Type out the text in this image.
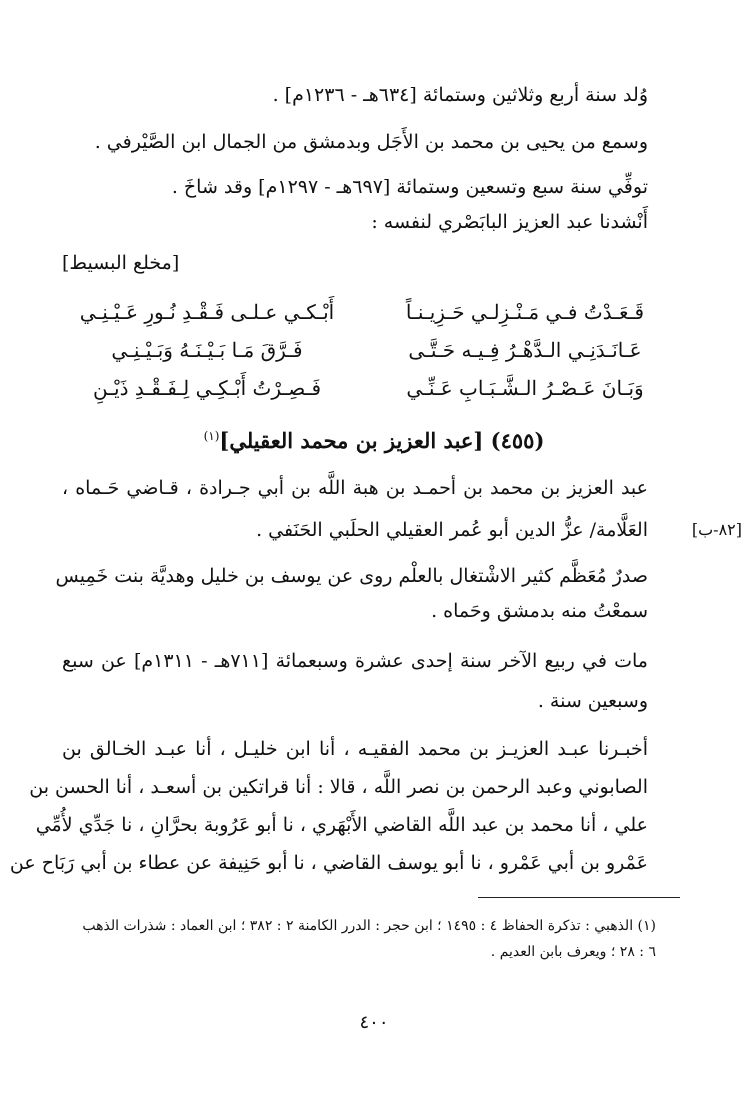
وُلد سنة أربع وثلاثين وستمائة [٦٣٤هـ - ١٢٣٦م] .
وسمع من يحيى بن محمد بن الأَجَل وبدمشق من الجمال ابن الصَّيْرفي .
توفِّي سنة سبع وتسعين وستمائة [٦٩٧هـ - ١٢٩٧م] وقد شاخَ .
أَنْشدنا عبد العزيز البابَصْري لنفسه :
[مخلع البسيط]
قَـعَـدْتُ فـي مَـنْـزِلـي حَـزِيـنـاً
أَبْـكـي عـلـى فَـقْـدِ نُـورِ عَـيْـنِـي
عَـانَـدَنِـي الـدَّهْـرُ فِـيـه حَـتَّـى
فَـرَّقَ مَـا بَـيْـنَـهُ وَبَـيْـنِـي
وَبَـانَ عَـصْـرُ الـشَّـبَـابِ عَـنِّـي
فَـصِـرْتُ أَبْـكِـي لِـفَـقْـدِ ذَيْـنِ
(٤٥٥) [عبد العزيز بن محمد العقيلي]$^{(١)}$
عبد العزيز بن محمد بن أحمـد بن هبة اللَّه بن أبي جـرادة ، قـاضي حَـماه ،
العَلَّامة/ عزُّ الدين أبو عُمر العقيلي الحلَبي الحَنَفي .	[٨٢-ب]
صدرٌ مُعَظَّم كثير الاشْتغال بالعلْم روى عن يوسف بن خليل وهديَّة بنت خَمِيس
سمعْتُ منه بدمشق وحَماه .
مات في ربيع الآخر سنة إحدى عشرة وسبعمائة [٧١١هـ - ١٣١١م] عن سبع
وسبعين سنة .
أخبـرنا عبـد العزيـز بن محمد الفقيـه ، أنا ابن خليـل ، أنا عبـد الخـالق بن
الصابوني وعبد الرحمن بن نصر اللَّه ، قالا : أنا قراتكين بن أسعـد ، أنا الحسن بن
علي ، أنا محمد بن عبد اللَّه القاضي الأَبْهَري ، نا أبو عَرُوبة بحرَّانِ ، نا جَدِّي لأُمِّي
عَمْرو بن أبي عَمْرو ، نا أبو يوسف القاضي ، نا أبو حَنِيفة عن عطاء بن أبي رَبَاح عن
(١) الذهبي : تذكرة الحفاظ ٤ : ١٤٩٥ ؛ ابن حجر : الدرر الكامنة ٢ : ٣٨٢ ؛ ابن العماد : شذرات الذهب
٦ : ٢٨ ؛ ويعرف بابن العديم .
٤٠٠
